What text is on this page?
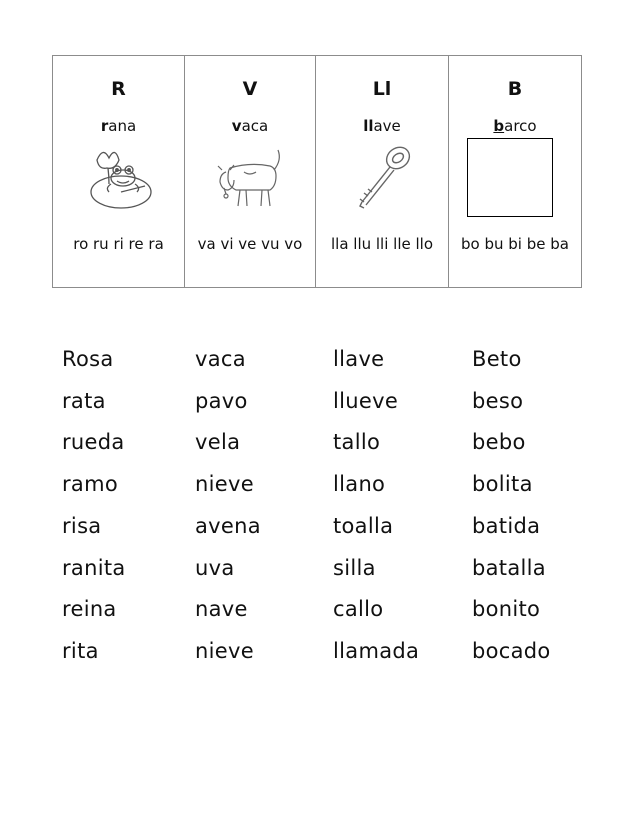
R
rana
ro ru ri re ra
V
vaca
va vi ve vu vo
Ll
llave
lla llu lli lle llo
B
barco
bo bu bi be ba
Rosa
rata
rueda
ramo
risa
ranita
reina
rita
vaca
pavo
vela
nieve
avena
uva
nave
nieve
llave
llueve
tallo
llano
toalla
silla
callo
llamada
Beto
beso
bebo
bolita
batida
batalla
bonito
bocado
